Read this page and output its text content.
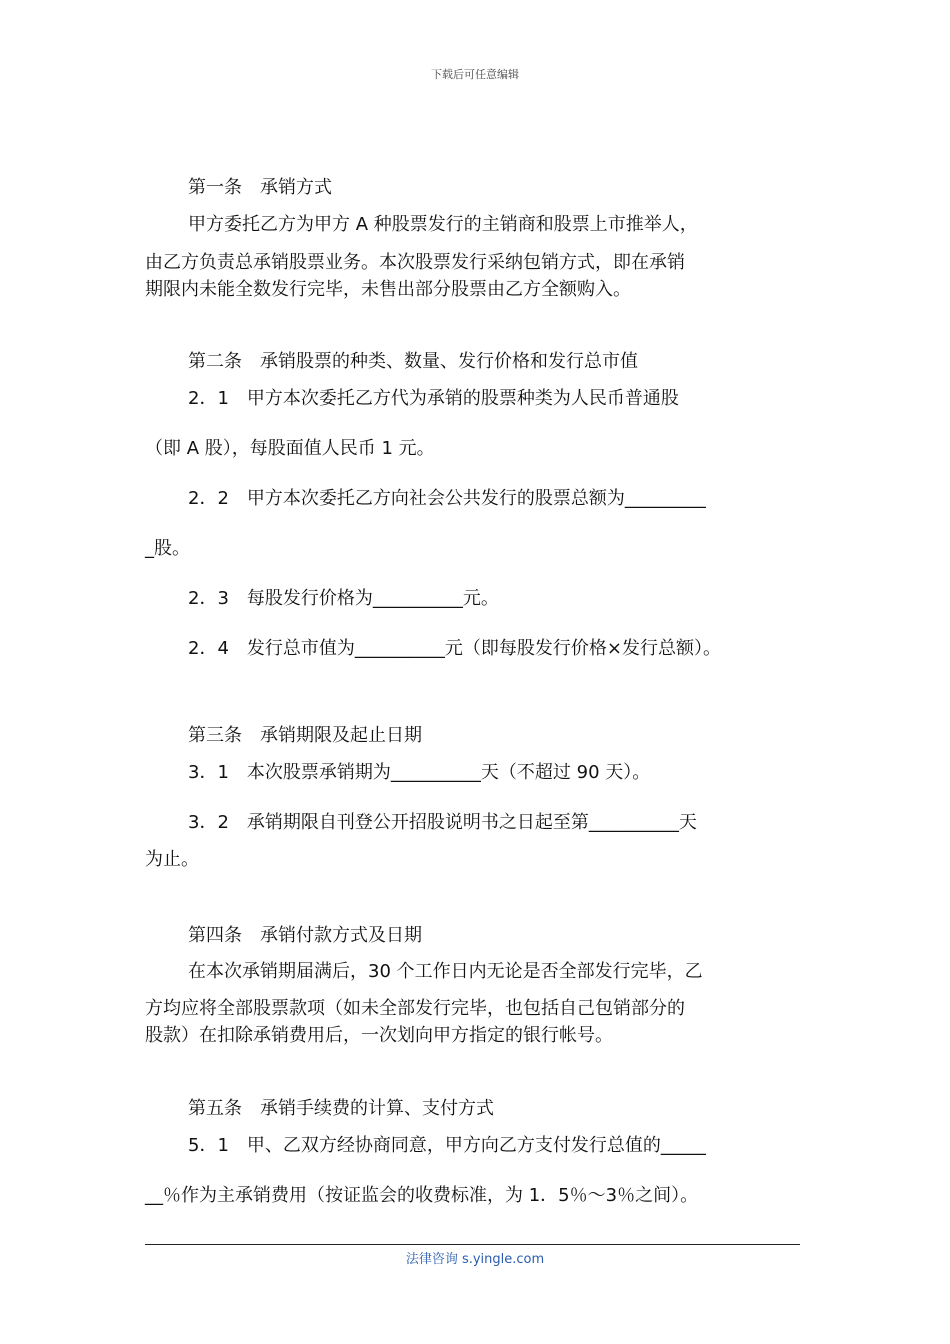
下载后可任意编辑
第一条　承销方式
甲方委托乙方为甲方 A 种股票发行的主销商和股票上市推举人，
由乙方负责总承销股票业务。本次股票发行采纳包销方式，即在承销
期限内未能全数发行完毕，未售出部分股票由乙方全额购入。
第二条　承销股票的种类、数量、发行价格和发行总市值
2．1　甲方本次委托乙方代为承销的股票种类为人民币普通股
（即 A 股），每股面值人民币 1 元。
2．2　甲方本次委托乙方向社会公共发行的股票总额为_________
_股。
2．3　每股发行价格为__________元。
2．4　发行总市值为__________元（即每股发行价格×发行总额）。
第三条　承销期限及起止日期
3．1　本次股票承销期为__________天（不超过 90 天）。
3．2　承销期限自刊登公开招股说明书之日起至第__________天
为止。
第四条　承销付款方式及日期
在本次承销期届满后，30 个工作日内无论是否全部发行完毕，乙
方均应将全部股票款项（如未全部发行完毕，也包括自己包销部分的
股款）在扣除承销费用后，一次划向甲方指定的银行帐号。
第五条　承销手续费的计算、支付方式
5．1　甲、乙双方经协商同意，甲方向乙方支付发行总值的_____
__％作为主承销费用（按证监会的收费标准，为 1．5％～3％之间）。
法律咨询 s.yingle.com
